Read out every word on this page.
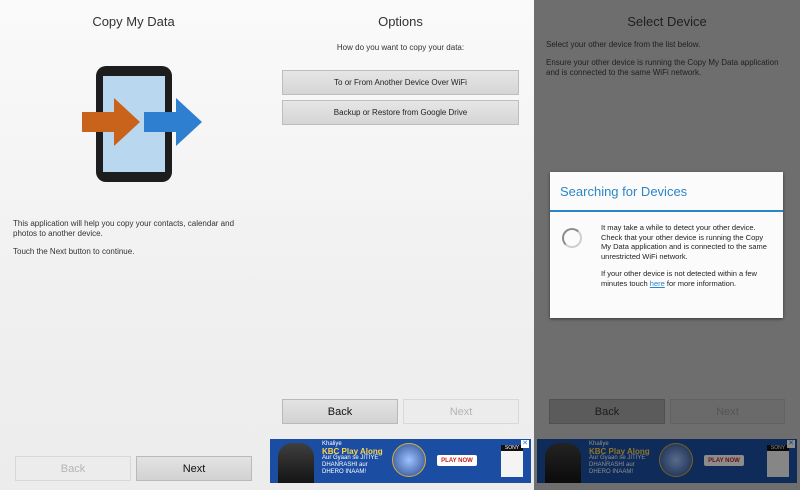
Copy My Data
This application will help you copy your contacts, calendar and photos to another device.
Touch the Next button to continue.
Back	Next
Options
How do you want to copy your data:
To or From Another Device Over WiFi
Backup or Restore from Google Drive
Back	Next
Khaliye
KBC Play Along
Aur Gyaan se JITIYE
DHANRASHI aur
DHERO INAAM!
PLAY NOW
SONY
✕
Select Device
Select your other device from the list below.
Ensure your other device is running the Copy My Data application and is connected to the same WiFi network.
Back	Next
Khaliye
KBC Play Along
Aur Gyaan se JITIYE
DHANRASHI aur
DHERO INAAM!
PLAY NOW
SONY
✕
Searching for Devices
It may take a while to detect your other device. Check that your other device is running the Copy My Data application and is connected to the same unrestricted WiFi network.
If your other device is not detected within a few minutes touch here for more information.
